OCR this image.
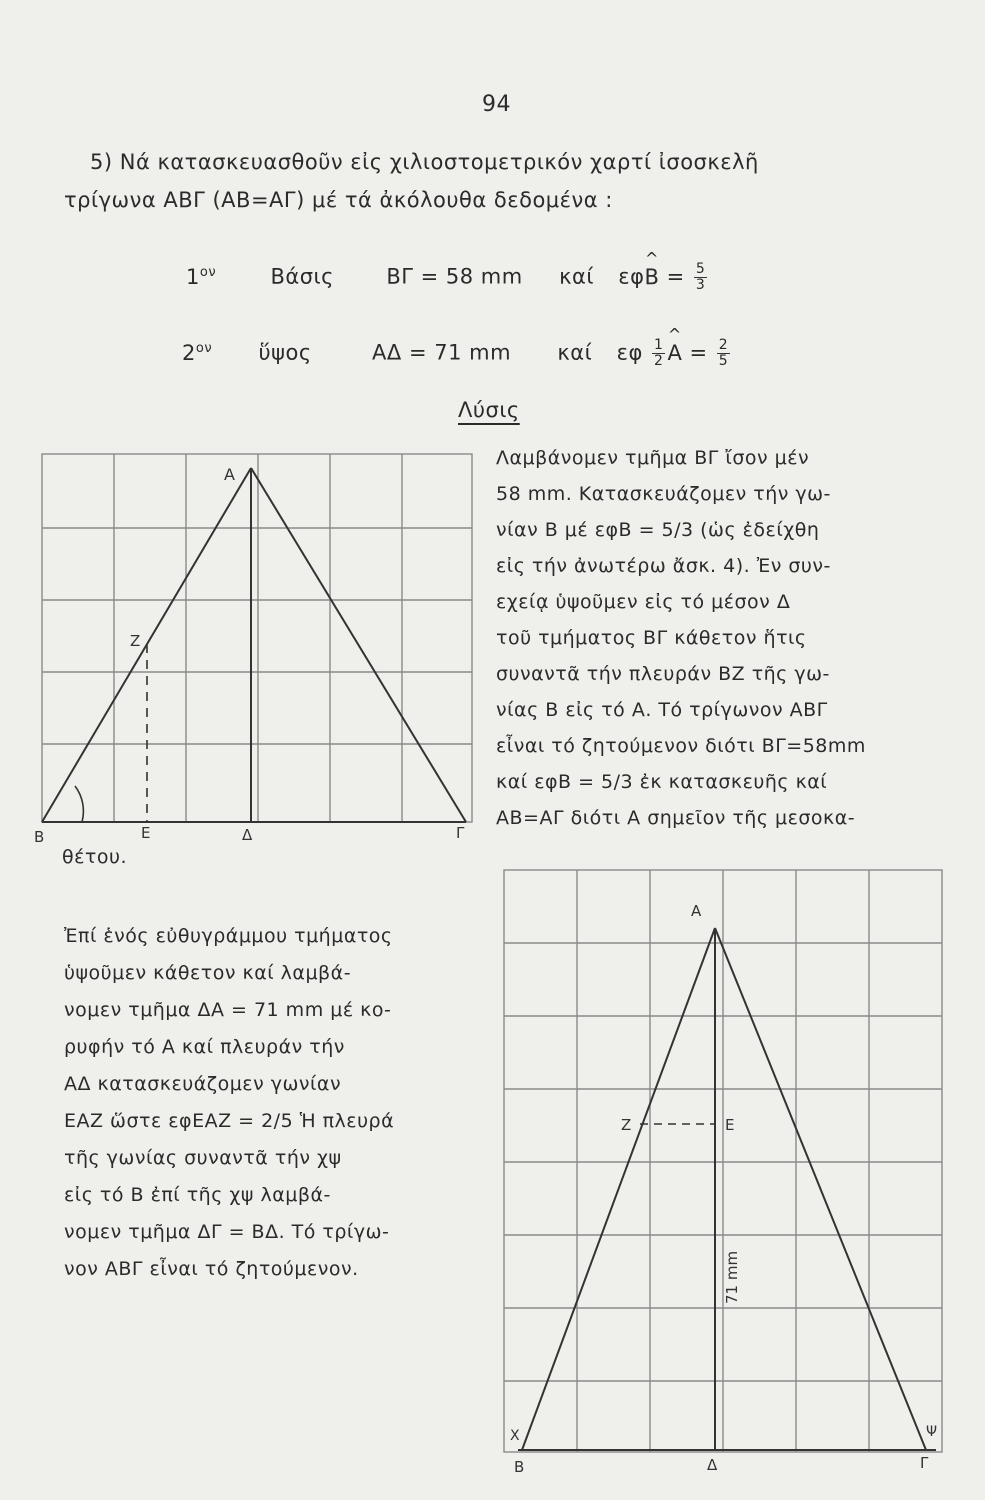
94
5) Νά κατασκευασθοῦν εἰς χιλιοστομετρικόν χαρτί ἰσοσκελῆ
τρίγωνα ΑΒΓ (ΑΒ=ΑΓ) μέ τά ἀκόλουθα δεδομένα :
$1^{o\nu}$	Βάσις ΒΓ = 58 mm καί εφ^ $B = \frac{5}{3}$
$2^{o\nu}$ ὕψος	ΑΔ = 71 mm καί εφ $\frac{1}{2}$
^ $A = \frac{2}{5}$
Λύσις
Λαμβάνομεν τμῆμα ΒΓ ἴσον μέν
58 mm. Κατασκευάζομεν τήν γω-
νίαν Β μέ εφΒ = 5/3 (ὡς ἐδείχθη
εἰς τήν ἀνωτέρω ἄσκ. 4). Ἐν συν-
εχείᾳ ὑψοῦμεν εἰς τό μέσον Δ
τοῦ τμήματος ΒΓ κάθετον ἥτις
συναντᾶ τήν πλευράν ΒΖ τῆς γω-
νίας Β εἰς τό Α. Τό τρίγωνον ΑΒΓ
εἶναι τό ζητούμενον διότι ΒΓ=58mm
καί εφΒ = 5/3 ἐκ κατασκευῆς καί
ΑΒ=ΑΓ διότι Α σημεῖον τῆς μεσοκα-
θέτου.
Ἐπί ἑνός εὐθυγράμμου τμήματος
ὑψοῦμεν κάθετον καί λαμβά-
νομεν τμῆμα ΔΑ = 71 mm μέ κο-
ρυφήν τό Α καί πλευράν τήν
ΑΔ κατασκευάζομεν γωνίαν
ΕΑΖ ὥστε εφΕΑΖ = 2/5 Ἡ πλευρά
τῆς γωνίας συναντᾶ τήν χψ
εἰς τό Β ἐπί τῆς χψ λαμβά-
νομεν τμῆμα ΔΓ = ΒΔ. Τό τρίγω-
νον ΑΒΓ εἶναι τό ζητούμενον.
Α
Β	Ε	Δ	Γ
Ζ
Α
Β	Δ	Γ
Ζ	Ε
Χ	Ψ
71 mm
